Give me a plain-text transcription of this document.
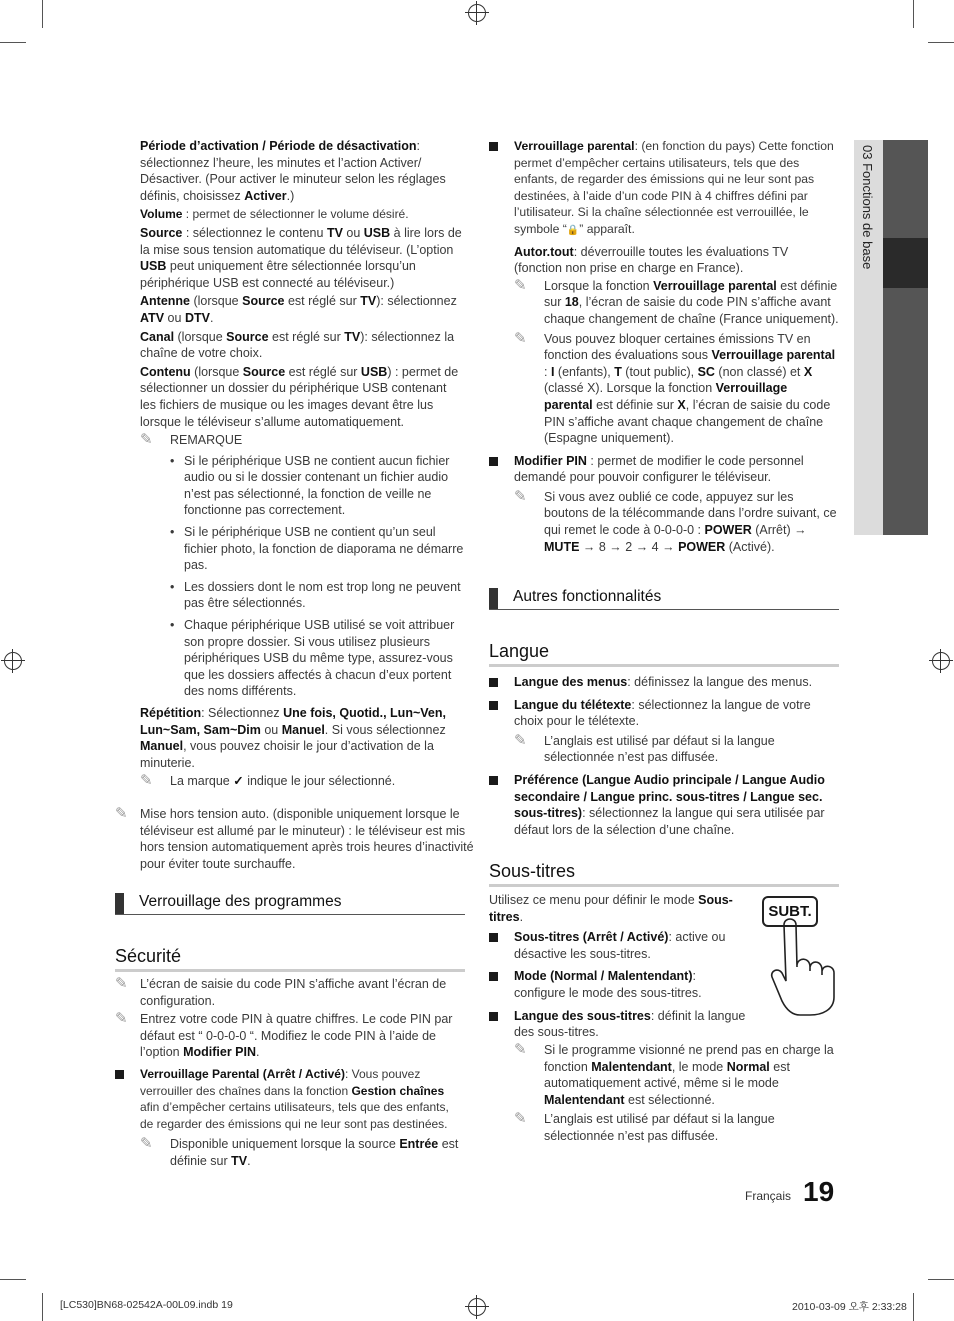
03 Fonctions de base

Période d’activation / Période de désactivation: sélectionnez l’heure, les minutes et l’action Activer/ Désactiver. (Pour activer le minuteur selon les réglages définis, choisissez Activer.)

Volume : permet de sélectionner le volume désiré.

Source : sélectionnez le contenu TV ou USB à lire lors de la mise sous tension automatique du téléviseur. (L’option USB peut uniquement être sélectionnée lorsqu’un périphérique USB est connecté au téléviseur.)

Antenne (lorsque Source est réglé sur TV): sélectionnez ATV ou DTV.

Canal (lorsque Source est réglé sur TV): sélectionnez la chaîne de votre choix.

Contenu (lorsque Source est réglé sur USB) : permet de sélectionner un dossier du périphérique USB contenant les fichiers de musique ou les images devant être lus lorsque le téléviseur s’allume automatiquement.

✎ REMARQUE
• Si le périphérique USB ne contient aucun fichier audio ou si le dossier contenant un fichier audio n’est pas sélectionné, la fonction de veille ne fonctionne pas correctement.
• Si le périphérique USB ne contient qu’un seul fichier photo, la fonction de diaporama ne démarre pas.
• Les dossiers dont le nom est trop long ne peuvent pas être sélectionnés.
• Chaque périphérique USB utilisé se voit attribuer son propre dossier. Si vous utilisez plusieurs périphériques USB du même type, assurez-vous que les dossiers affectés à chacun d’eux portent des noms différents.

Répétition: Sélectionnez Une fois, Quotid., Lun~Ven, Lun~Sam, Sam~Dim ou Manuel. Si vous sélectionnez Manuel, vous pouvez choisir le jour d’activation de la minuterie.

✎ La marque ✓ indique le jour sélectionné.
✎ Mise hors tension auto. (disponible uniquement lorsque le téléviseur est allumé par le minuteur) : le téléviseur est mis hors tension automatiquement après trois heures d’inactivité pour éviter toute surchauffe.
Verrouillage des programmes
Sécurité
✎ L’écran de saisie du code PIN s’affiche avant l’écran de configuration.
✎ Entrez votre code PIN à quatre chiffres. Le code PIN par défaut est “ 0-0-0-0 “. Modifiez le code PIN à l’aide de l’option Modifier PIN.
Verrouillage Parental (Arrêt / Activé): Vous pouvez verrouiller des chaînes dans la fonction Gestion chaînes afin d’empêcher certains utilisateurs, tels que des enfants, de regarder des émissions qui ne leur sont pas destinées.
✎ Disponible uniquement lorsque la source Entrée est définie sur TV.
Verrouillage parental: (en fonction du pays) Cette fonction permet d’empêcher certains utilisateurs, tels que des enfants, de regarder des émissions qui ne leur sont pas destinées, à l’aide d’un code PIN à 4 chiffres défini par l’utilisateur. Si la chaîne sélectionnée est verrouillée, le symbole “🔒” apparaît.

Autor.tout: déverrouille toutes les évaluations TV (fonction non prise en charge en France).

✎ Lorsque la fonction Verrouillage parental est définie sur 18, l’écran de saisie du code PIN s’affiche avant chaque changement de chaîne (France uniquement).
✎ Vous pouvez bloquer certaines émissions TV en fonction des évaluations sous Verrouillage parental : I (enfants), T (tout public), SC (non classé) et X (classé X). Lorsque la fonction Verrouillage parental est définie sur X, l’écran de saisie du code PIN s’affiche avant chaque changement de chaîne (Espagne uniquement).
Modifier PIN : permet de modifier le code personnel demandé pour pouvoir configurer le téléviseur.
✎ Si vous avez oublié ce code, appuyez sur les boutons de la télécommande dans l’ordre suivant, ce qui remet le code à 0-0-0-0 : POWER (Arrêt) → MUTE → 8 → 2 → 4 → POWER (Activé).
Autres fonctionnalités
Langue
Langue des menus: définissez la langue des menus.
Langue du télétexte: sélectionnez la langue de votre choix pour le télétexte.
✎ L’anglais est utilisé par défaut si la langue sélectionnée n’est pas diffusée.
Préférence (Langue Audio principale / Langue Audio secondaire / Langue princ. sous-titres / Langue sec. sous-titres): sélectionnez la langue qui sera utilisée par défaut lors de la sélection d’une chaîne.
Sous-titres

Utilisez ce menu pour définir le mode Sous-titres.

Sous-titres (Arrêt / Activé): active ou désactive les sous-titres.
Mode (Normal / Malentendant): configure le mode des sous-titres.
Langue des sous-titres: définit la langue des sous-titres.
✎ Si le programme visionné ne prend pas en charge la fonction Malentendant, le mode Normal est automatiquement activé, même si le mode Malentendant est sélectionné.
✎ L’anglais est utilisé par défaut si la langue sélectionnée n’est pas diffusée.
SUBT.
Français 19
[LC530]BN68-02542A-00L09.indb 19	2010-03-09 오후 2:33:28
